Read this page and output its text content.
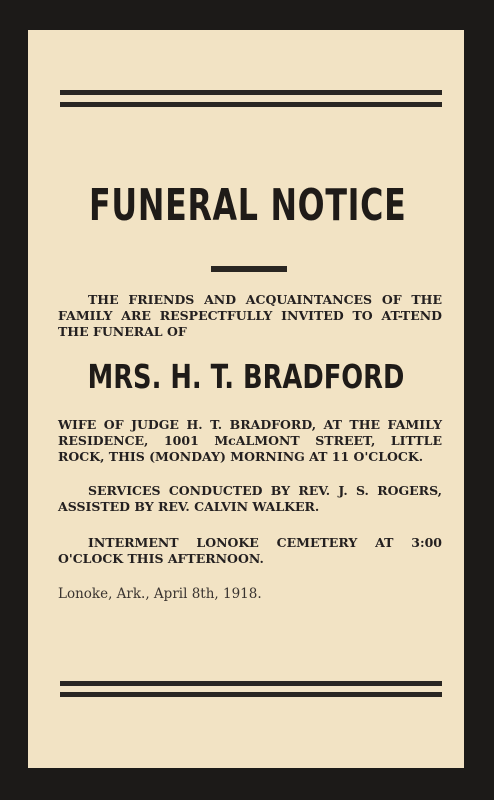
FUNERAL NOTICE
THE FRIENDS AND ACQUAINTANCES OF THE FAMILY ARE RESPECTFULLY INVITED TO AT-TEND THE FUNERAL OF
MRS. H. T. BRADFORD
WIFE OF JUDGE H. T. BRADFORD, AT THE FAMILY RESIDENCE, 1001 McALMONT STREET, LITTLE ROCK, THIS (MONDAY) MORNING AT 11 O'CLOCK.
SERVICES CONDUCTED BY REV. J. S. ROGERS, ASSISTED BY REV. CALVIN WALKER.
INTERMENT LONOKE CEMETERY AT 3:00 O'CLOCK THIS AFTERNOON.
Lonoke, Ark., April 8th, 1918.
